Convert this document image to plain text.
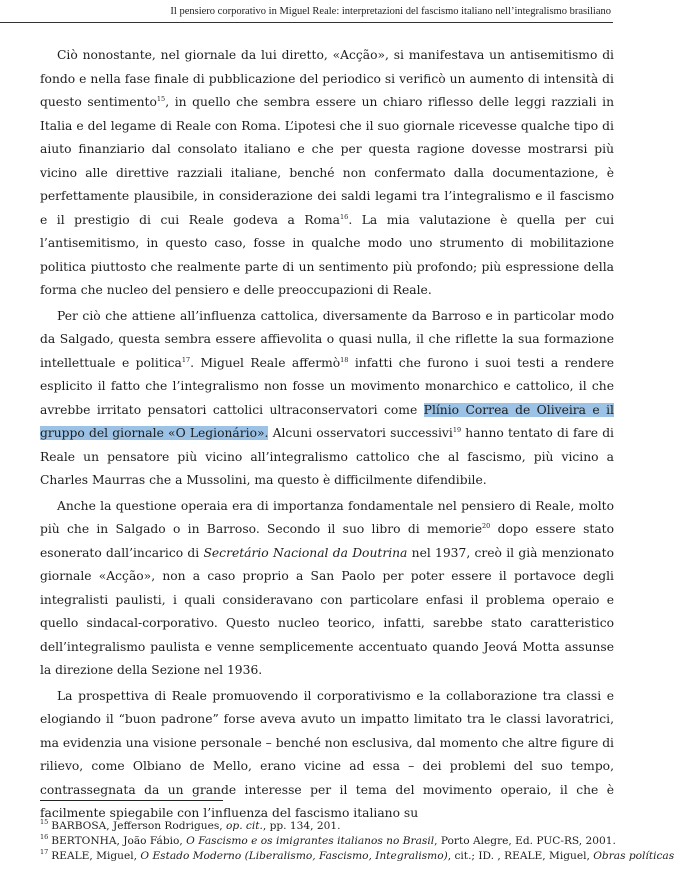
Il pensiero corporativo in Miguel Reale: interpretazioni del fascismo italiano nell’integralismo brasiliano

Ciò nonostante, nel giornale da lui diretto, «Acção», si manifestava un antisemitismo di fondo e nella fase finale di pubblicazione del periodico si verificò un aumento di intensità di questo sentimento$^{15}$, in quello che sembra essere un chiaro riflesso delle leggi razziali in Italia e del legame di Reale con Roma. L’ipotesi che il suo giornale ricevesse qualche tipo di aiuto finanziario dal consolato italiano e che per questa ragione dovesse mostrarsi più vicino alle direttive razziali italiane, benché non confermato dalla documentazione, è perfettamente plausibile, in considerazione dei saldi legami tra l’integralismo e il fascismo e il prestigio di cui Reale godeva a Roma$^{16}$. La mia valutazione è quella per cui l’antisemitismo, in questo caso, fosse in qualche modo uno strumento di mobilitazione politica piuttosto che realmente parte di un sentimento più profondo; più espressione della forma che nucleo del pensiero e delle preoccupazioni di Reale.

Per ciò che attiene all’influenza cattolica, diversamente da Barroso e in particolar modo da Salgado, questa sembra essere affievolita o quasi nulla, il che riflette la sua formazione intellettuale e politica$^{17}$. Miguel Reale affermò$^{18}$ infatti che furono i suoi testi a rendere esplicito il fatto che l’integralismo non fosse un movimento monarchico e cattolico, il che avrebbe irritato pensatori cattolici ultraconservatori come Plínio Correa de Oliveira e il gruppo del giornale «O Legionário». Alcuni osservatori successivi$^{19}$ hanno tentato di fare di Reale un pensatore più vicino all’integralismo cattolico che al fascismo, più vicino a Charles Maurras che a Mussolini, ma questo è difficilmente difendibile.

Anche la questione operaia era di importanza fondamentale nel pensiero di Reale, molto più che in Salgado o in Barroso. Secondo il suo libro di memorie$^{20}$ dopo essere stato esonerato dall’incarico di Secretário Nacional da Doutrina nel 1937, creò il già menzionato giornale «Acção», non a caso proprio a San Paolo per poter essere il portavoce degli integralisti paulisti, i quali consideravano con particolare enfasi il problema operaio e quello sindacal-corporativo. Questo nucleo teorico, infatti, sarebbe stato caratteristico dell’integralismo paulista e venne semplicemente accentuato quando Jeová Motta assunse la direzione della Sezione nel 1936.

La prospettiva di Reale promuovendo il corporativismo e la collaborazione tra classi e elogiando il “buon padrone” forse aveva avuto un impatto limitato tra le classi lavoratrici, ma evidenzia una visione personale – benché non esclusiva, dal momento che altre figure di rilievo, come Olbiano de Mello, erano vicine ad essa – dei problemi del suo tempo, contrassegnata da un grande interesse per il tema del movimento operaio, il che è facilmente spiegabile con l’influenza del fascismo italiano su

$^{15}$ BARBOSA, Jefferson Rodrigues, op. cit., pp. 134, 201.
$^{16}$ BERTONHA, João Fábio, O Fascismo e os imigrantes italianos no Brasil, Porto Alegre, Ed. PUC-RS, 2001.
$^{17}$ REALE, Miguel, O Estado Moderno (Liberalismo, Fascismo, Integralismo), cit.; ID. , REALE, Miguel, Obras políticas
